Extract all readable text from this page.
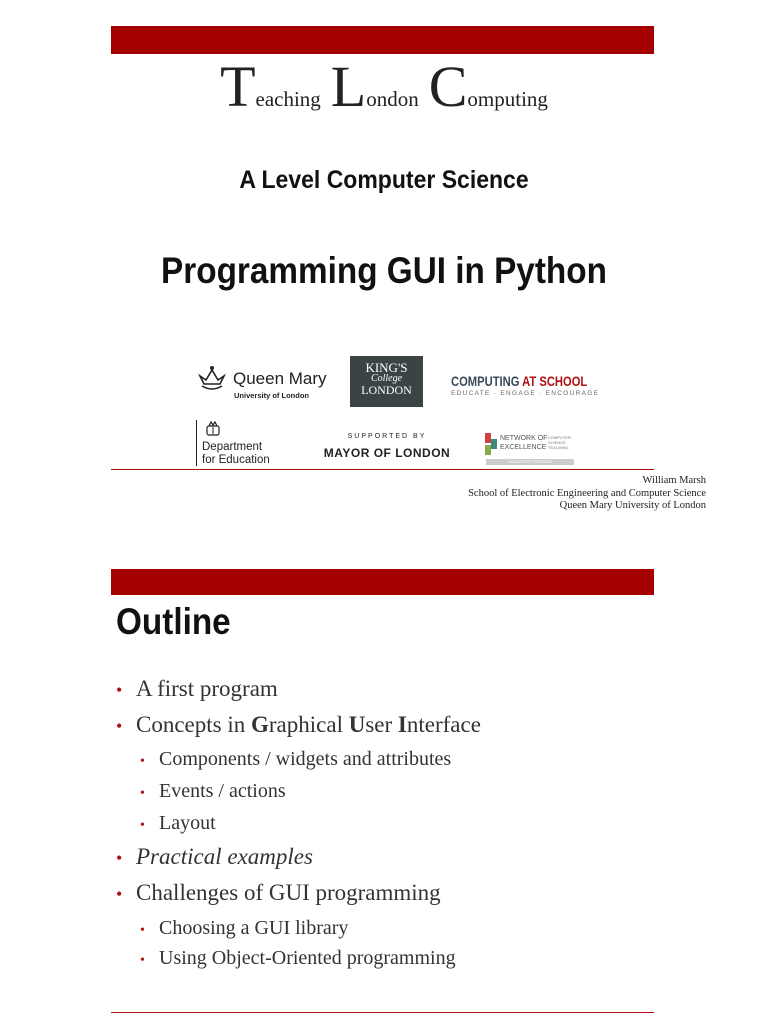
Teaching London Computing
A Level Computer Science
Programming GUI in Python
Queen Mary
University of London
KING'S
College
LONDON
COMPUTING AT SCHOOL
EDUCATE · ENGAGE · ENCOURAGE
Department
for Education
SUPPORTED BY
MAYOR OF LONDON
NETWORK OF
EXCELLENCE
COMPUTER SCIENCE TEACHING
UNIVERSITY PARTNER
William Marsh
School of Electronic Engineering and Computer Science
Queen Mary University of London
Outline
• A first program
• Concepts in Graphical User Interface
• Components / widgets and attributes
• Events / actions
• Layout
• Practical examples
• Challenges of GUI programming
• Choosing a GUI library
• Using Object-Oriented programming
